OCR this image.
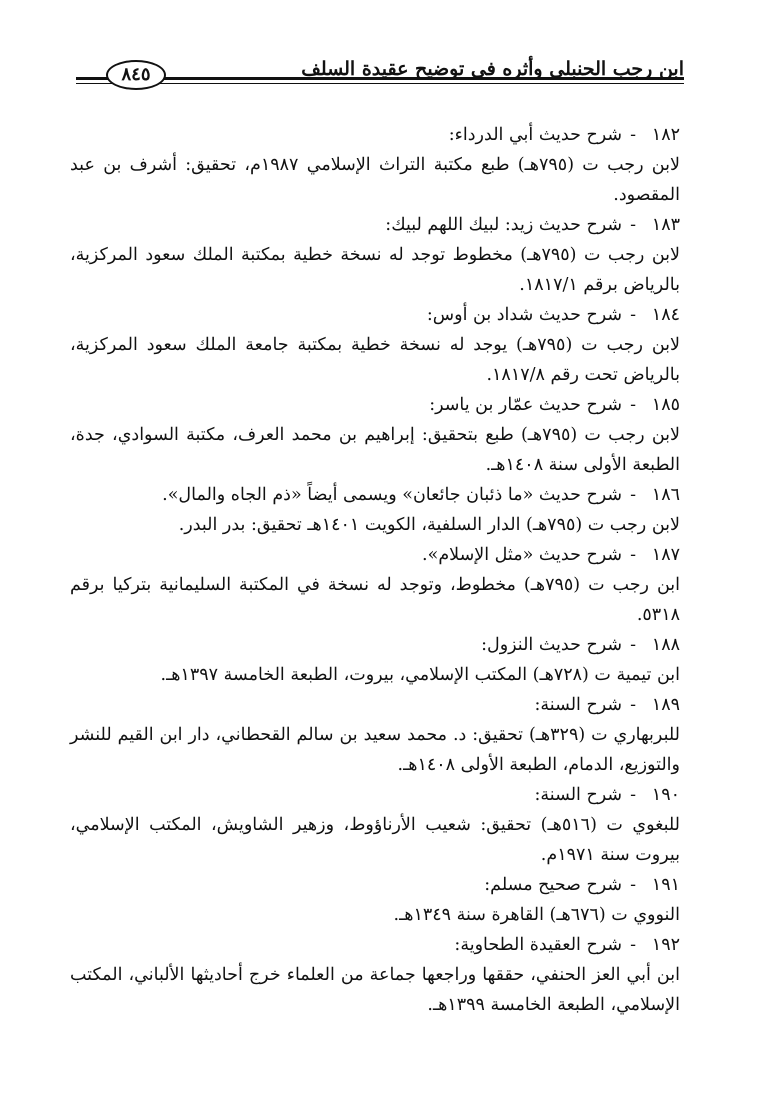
ابن رجب الحنبلي وأثره في توضيح عقيدة السلف
٨٤٥
١٨٢
-
شرح حديث أبي الدرداء:

لابن رجب ت (٧٩٥هـ) طبع مكتبة التراث الإسلامي ١٩٨٧م، تحقيق: أشرف بن عبد المقصود.

١٨٣
-
شرح حديث زيد: لبيك اللهم لبيك:

لابن رجب ت (٧٩٥هـ) مخطوط توجد له نسخة خطية بمكتبة الملك سعود المركزية، بالرياض برقم ١٨١٧/١.

١٨٤
-
شرح حديث شداد بن أوس:

لابن رجب ت (٧٩٥هـ) يوجد له نسخة خطية بمكتبة جامعة الملك سعود المركزية، بالرياض تحت رقم ١٨١٧/٨.

١٨٥
-
شرح حديث عمّار بن ياسر:

لابن رجب ت (٧٩٥هـ) طبع بتحقيق: إبراهيم بن محمد العرف، مكتبة السوادي، جدة، الطبعة الأولى سنة ١٤٠٨هـ.

١٨٦
-
شرح حديث «ما ذئبان جائعان» ويسمى أيضاً «ذم الجاه والمال».

لابن رجب ت (٧٩٥هـ) الدار السلفية، الكويت ١٤٠١هـ تحقيق: بدر البدر.

١٨٧
-
شرح حديث «مثل الإسلام».

ابن رجب ت (٧٩٥هـ) مخطوط، وتوجد له نسخة في المكتبة السليمانية بتركيا برقم ٥٣١٨.

١٨٨
-
شرح حديث النزول:

ابن تيمية ت (٧٢٨هـ) المكتب الإسلامي، بيروت، الطبعة الخامسة ١٣٩٧هـ.

١٨٩
-
شرح السنة:

للبربهاري ت (٣٢٩هـ) تحقيق: د. محمد سعيد بن سالم القحطاني، دار ابن القيم للنشر والتوزيع، الدمام، الطبعة الأولى ١٤٠٨هـ.

١٩٠
-
شرح السنة:

للبغوي ت (٥١٦هـ) تحقيق: شعيب الأرناؤوط، وزهير الشاويش، المكتب الإسلامي، بيروت سنة ١٩٧١م.

١٩١
-
شرح صحيح مسلم:

النووي ت (٦٧٦هـ) القاهرة سنة ١٣٤٩هـ.

١٩٢
-
شرح العقيدة الطحاوية:

ابن أبي العز الحنفي، حققها وراجعها جماعة من العلماء خرج أحاديثها الألباني، المكتب الإسلامي، الطبعة الخامسة ١٣٩٩هـ.
